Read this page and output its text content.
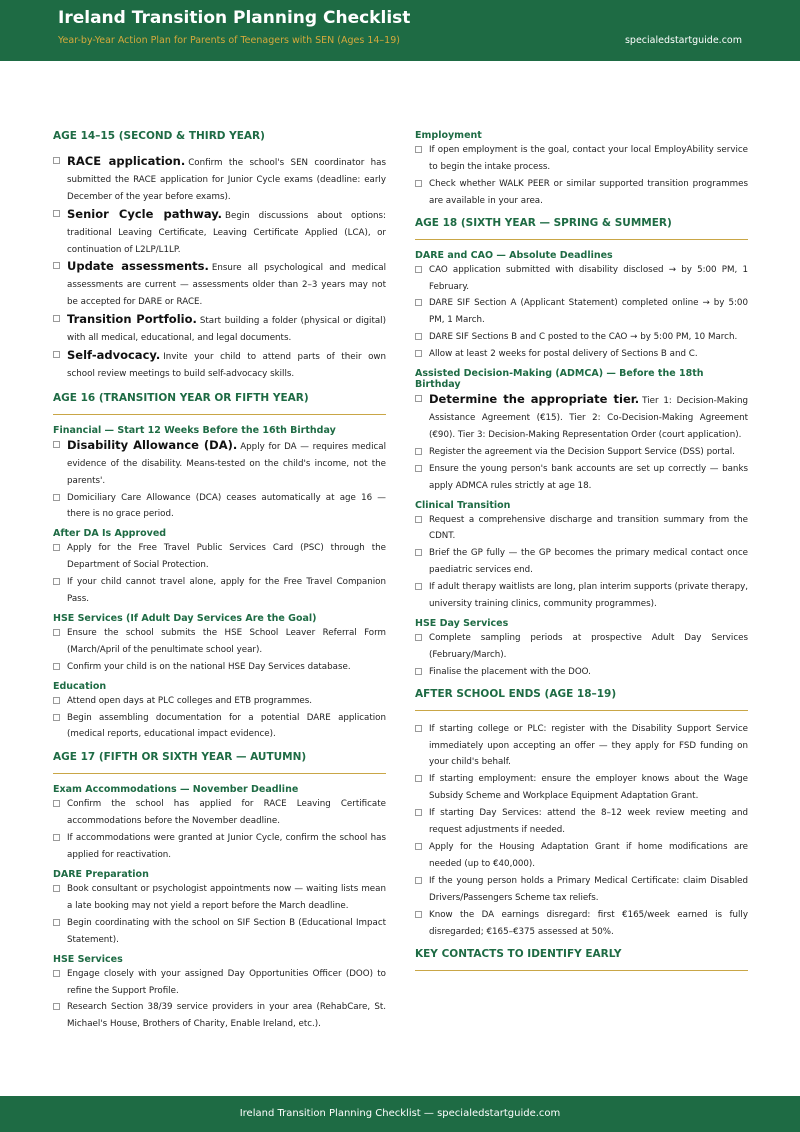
Ireland Transition Planning Checklist
Year-by-Year Action Plan for Parents of Teenagers with SEN (Ages 14–19)	specialedstartguide.com
AGE 14–15 (SECOND & THIRD YEAR)
RACE application. Confirm the school's SEN coordinator has submitted the RACE application for Junior Cycle exams (deadline: early December of the year before exams).
Senior Cycle pathway. Begin discussions about options: traditional Leaving Certificate, Leaving Certificate Applied (LCA), or continuation of L2LP/L1LP.
Update assessments. Ensure all psychological and medical assessments are current — assessments older than 2–3 years may not be accepted for DARE or RACE.
Transition Portfolio. Start building a folder (physical or digital) with all medical, educational, and legal documents.
Self-advocacy. Invite your child to attend parts of their own school review meetings to build self-advocacy skills.
AGE 16 (TRANSITION YEAR OR FIFTH YEAR)
Financial — Start 12 Weeks Before the 16th Birthday
Disability Allowance (DA). Apply for DA — requires medical evidence of the disability. Means-tested on the child's income, not the parents'.
Domiciliary Care Allowance (DCA) ceases automatically at age 16 — there is no grace period.
After DA Is Approved
Apply for the Free Travel Public Services Card (PSC) through the Department of Social Protection.
If your child cannot travel alone, apply for the Free Travel Companion Pass.
HSE Services (If Adult Day Services Are the Goal)
Ensure the school submits the HSE School Leaver Referral Form (March/April of the penultimate school year).
Confirm your child is on the national HSE Day Services database.
Education
Attend open days at PLC colleges and ETB programmes.
Begin assembling documentation for a potential DARE application (medical reports, educational impact evidence).
AGE 17 (FIFTH OR SIXTH YEAR — AUTUMN)
Exam Accommodations — November Deadline
Confirm the school has applied for RACE Leaving Certificate accommodations before the November deadline.
If accommodations were granted at Junior Cycle, confirm the school has applied for reactivation.
DARE Preparation
Book consultant or psychologist appointments now — waiting lists mean a late booking may not yield a report before the March deadline.
Begin coordinating with the school on SIF Section B (Educational Impact Statement).
HSE Services
Engage closely with your assigned Day Opportunities Officer (DOO) to refine the Support Profile.
Research Section 38/39 service providers in your area (RehabCare, St. Michael's House, Brothers of Charity, Enable Ireland, etc.).
Employment
If open employment is the goal, contact your local EmployAbility service to begin the intake process.
Check whether WALK PEER or similar supported transition programmes are available in your area.
AGE 18 (SIXTH YEAR — SPRING & SUMMER)
DARE and CAO — Absolute Deadlines
CAO application submitted with disability disclosed → by 5:00 PM, 1 February.
DARE SIF Section A (Applicant Statement) completed online → by 5:00 PM, 1 March.
DARE SIF Sections B and C posted to the CAO → by 5:00 PM, 10 March.
Allow at least 2 weeks for postal delivery of Sections B and C.
Assisted Decision-Making (ADMCA) — Before the 18th Birthday
Determine the appropriate tier. Tier 1: Decision-Making Assistance Agreement (€15). Tier 2: Co-Decision-Making Agreement (€90). Tier 3: Decision-Making Representation Order (court application).
Register the agreement via the Decision Support Service (DSS) portal.
Ensure the young person's bank accounts are set up correctly — banks apply ADMCA rules strictly at age 18.
Clinical Transition
Request a comprehensive discharge and transition summary from the CDNT.
Brief the GP fully — the GP becomes the primary medical contact once paediatric services end.
If adult therapy waitlists are long, plan interim supports (private therapy, university training clinics, community programmes).
HSE Day Services
Complete sampling periods at prospective Adult Day Services (February/March).
Finalise the placement with the DOO.
AFTER SCHOOL ENDS (AGE 18–19)
If starting college or PLC: register with the Disability Support Service immediately upon accepting an offer — they apply for FSD funding on your child's behalf.
If starting employment: ensure the employer knows about the Wage Subsidy Scheme and Workplace Equipment Adaptation Grant.
If starting Day Services: attend the 8–12 week review meeting and request adjustments if needed.
Apply for the Housing Adaptation Grant if home modifications are needed (up to €40,000).
If the young person holds a Primary Medical Certificate: claim Disabled Drivers/Passengers Scheme tax reliefs.
Know the DA earnings disregard: first €165/week earned is fully disregarded; €165–€375 assessed at 50%.
KEY CONTACTS TO IDENTIFY EARLY
Ireland Transition Planning Checklist — specialedstartguide.com
